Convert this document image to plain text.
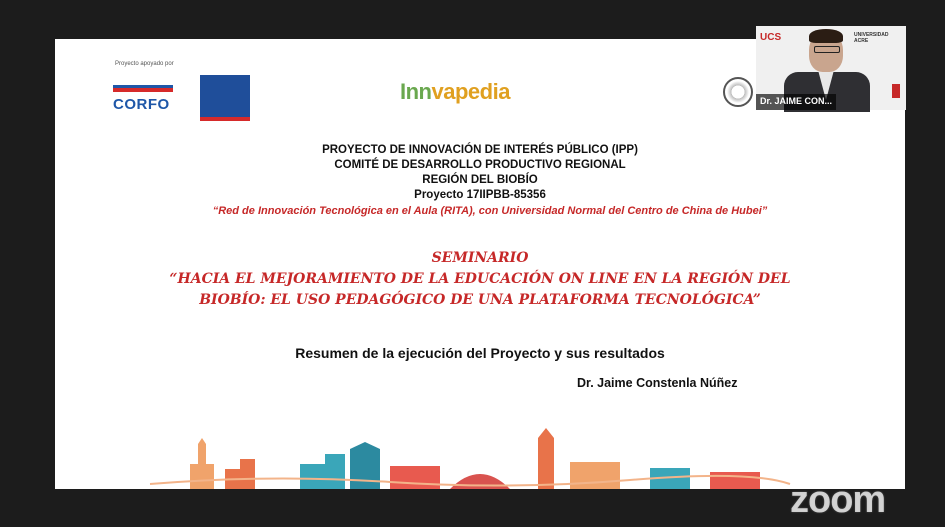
Proyecto apoyado por
CORFO
Innvapedia
PROYECTO DE INNOVACIÓN DE INTERÉS PÚBLICO (IPP)
COMITÉ DE DESARROLLO PRODUCTIVO REGIONAL
REGIÓN DEL BIOBÍO
Proyecto 17IIPBB-85356
“Red de Innovación Tecnológica en el Aula (RITA), con Universidad Normal del Centro de China de Hubei”
SEMINARIO
“HACIA EL MEJORAMIENTO DE LA EDUCACIÓN ON LINE EN LA REGIÓN DEL
BIOBÍO: EL USO PEDAGÓGICO DE UNA PLATAFORMA TECNOLÓGICA”
Resumen de la ejecución del Proyecto y sus resultados
Dr. Jaime Constenla Núñez
zoom
UCS	UNIVERSIDAD ACRE
Dr. JAIME CON...
